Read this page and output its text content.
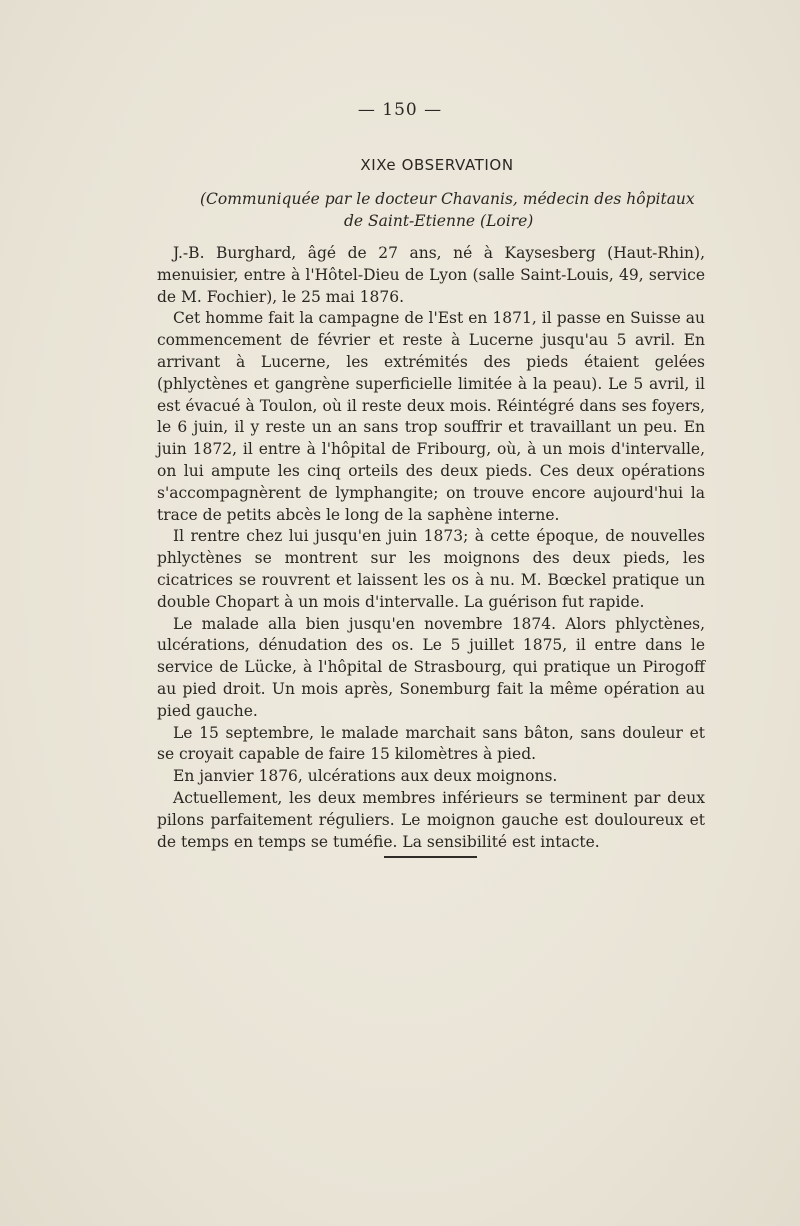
— 150 —
XIXe OBSERVATION
(Communiquée par le docteur Chavanis, médecin des hôpitaux
de Saint-Etienne (Loire)

J.-B. Burghard, âgé de 27 ans, né à Kaysesberg (Haut-Rhin), menuisier, entre à l'Hôtel-Dieu de Lyon (salle Saint-Louis, 49, service de M. Fochier), le 25 mai 1876.

Cet homme fait la campagne de l'Est en 1871, il passe en Suisse au commencement de février et reste à Lucerne jusqu'au 5 avril. En arrivant à Lucerne, les extrémités des pieds étaient gelées (phlyctènes et gangrène superficielle limitée à la peau). Le 5 avril, il est évacué à Toulon, où il reste deux mois. Réintégré dans ses foyers, le 6 juin, il y reste un an sans trop souffrir et travaillant un peu. En juin 1872, il entre à l'hôpital de Fribourg, où, à un mois d'intervalle, on lui ampute les cinq orteils des deux pieds. Ces deux opérations s'accompagnèrent de lymphangite; on trouve encore aujourd'hui la trace de petits abcès le long de la saphène interne.

Il rentre chez lui jusqu'en juin 1873; à cette époque, de nouvelles phlyctènes se montrent sur les moignons des deux pieds, les cicatrices se rouvrent et laissent les os à nu. M. Bœckel pratique un double Chopart à un mois d'intervalle. La guérison fut rapide.

Le malade alla bien jusqu'en novembre 1874. Alors phlyctènes, ulcérations, dénudation des os. Le 5 juillet 1875, il entre dans le service de Lücke, à l'hôpital de Strasbourg, qui pratique un Pirogoff au pied droit. Un mois après, Sonemburg fait la même opération au pied gauche.

Le 15 septembre, le malade marchait sans bâton, sans douleur et se croyait capable de faire 15 kilomètres à pied.

En janvier 1876, ulcérations aux deux moignons.

Actuellement, les deux membres inférieurs se terminent par deux pilons parfaitement réguliers. Le moignon gauche est douloureux et de temps en temps se tuméfie. La sensibilité est intacte.
